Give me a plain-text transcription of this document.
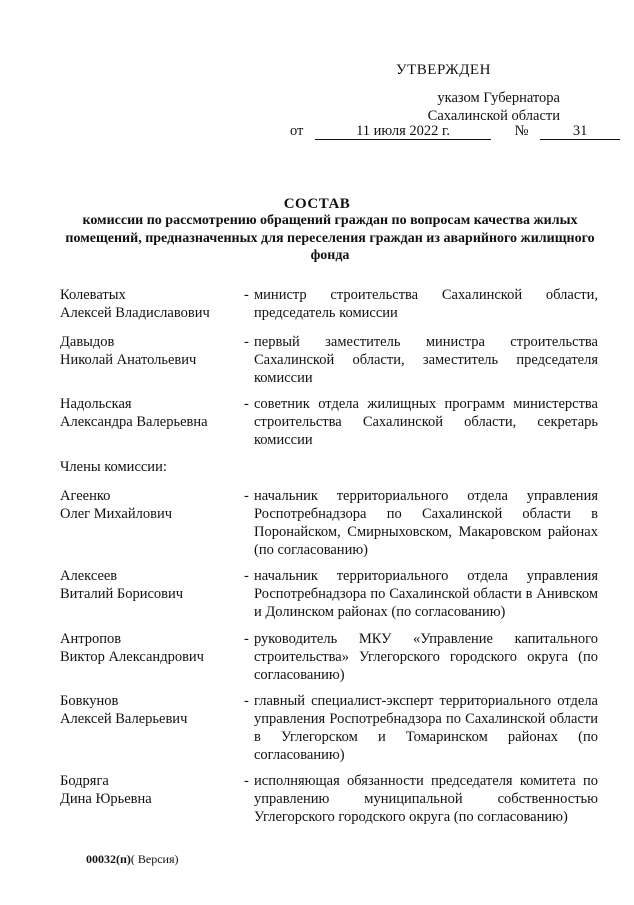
УТВЕРЖДЕН
указом Губернатора
Сахалинской области
от	11 июля 2022 г.	№	31
СОСТАВ
комиссии по рассмотрению обращений граждан по вопросам качества жилых помещений, предназначенных для переселения граждан из аварийного жилищного фонда
Колеватых
Алексей Владиславович
- министр строительства Сахалинской области, председатель комиссии
Давыдов
Николай Анатольевич
- первый заместитель министра строительства Сахалинской области, заместитель председателя комиссии
Надольская
Александра Валерьевна
- советник отдела жилищных программ министерства строительства Сахалинской области, секретарь комиссии
Члены комиссии:
Агеенко
Олег Михайлович
- начальник территориального отдела управления Роспотребнадзора по Сахалинской области в Поронайском, Смирныховском, Макаровском районах (по согласованию)
Алексеев
Виталий Борисович
- начальник территориального отдела управления Роспотребнадзора по Сахалинской области в Анивском и Долинском районах (по согласованию)
Антропов
Виктор Александрович
- руководитель МКУ «Управление капитального строительства» Углегорского городского округа (по согласованию)
Бовкунов
Алексей Валерьевич
- главный специалист-эксперт территориального отдела управления Роспотребнадзора по Сахалинской области в Углегорском и Томаринском районах (по согласованию)
Бодряга
Дина Юрьевна
- исполняющая обязанности председателя комитета по управлению муниципальной собственностью Углегорского городского округа (по согласованию)
00032(п)( Версия)
